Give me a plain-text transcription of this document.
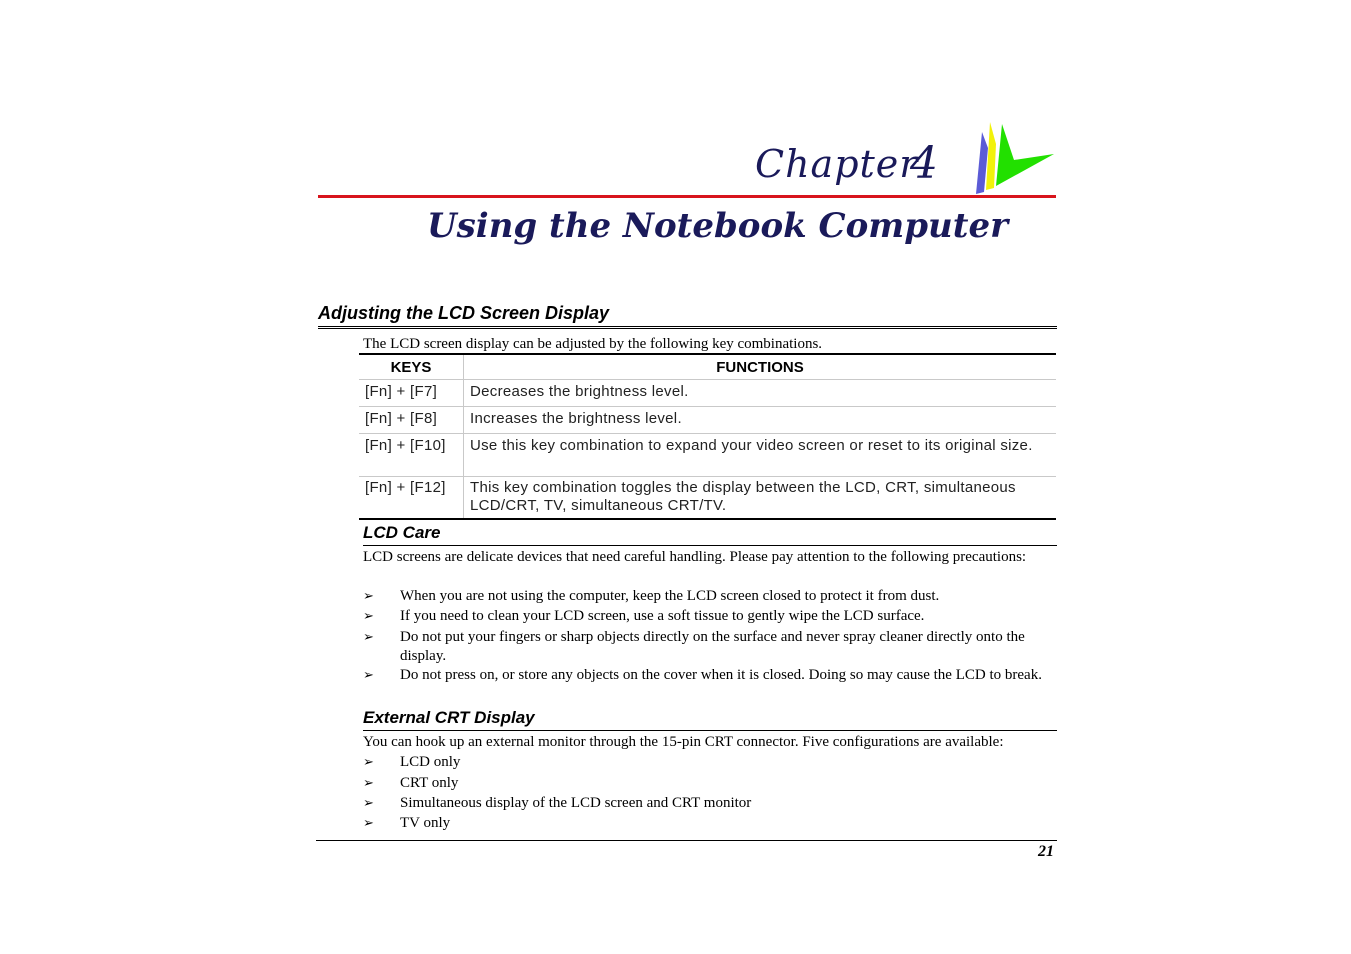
Chapter
4
Using the Notebook Computer
Adjusting the LCD Screen Display
The LCD screen display can be adjusted by the following key combinations.
KEYS	FUNCTIONS
[Fn] + [F7]	Decreases the brightness level.
[Fn] + [F8]	Increases the brightness level.
[Fn] + [F10]	Use this key combination to expand your video screen or reset to its original size.
[Fn] + [F12]	This key combination toggles the display between the LCD, CRT, simultaneous LCD/CRT, TV, simultaneous CRT/TV.
LCD Care
LCD screens are delicate devices that need careful handling. Please pay attention to the following precautions:
➢ When you are not using the computer, keep the LCD screen closed to protect it from dust.
➢ If you need to clean your LCD screen, use a soft tissue to gently wipe the LCD surface.
➢ Do not put your fingers or sharp objects directly on the surface and never spray cleaner directly onto the display.
➢ Do not press on, or store any objects on the cover when it is closed. Doing so may cause the LCD to break.
External CRT Display
You can hook up an external monitor through the 15-pin CRT connector. Five configurations are available:
➢ LCD only
➢ CRT only
➢ Simultaneous display of the LCD screen and CRT monitor
➢ TV only
21
